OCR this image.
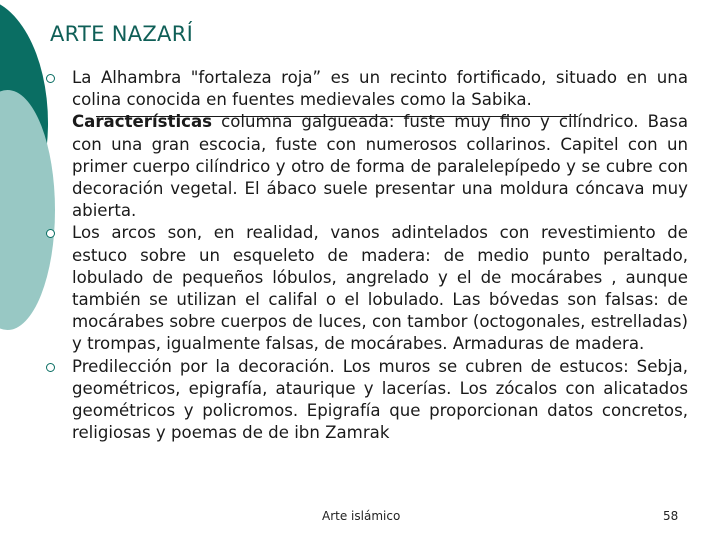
ARTE NAZARÍ
La Alhambra "fortaleza roja” es un recinto fortificado, situado en una colina conocida en fuentes medievales como la Sabika.
Características columna galgueada: fuste muy fino y cilíndrico. Basa con una gran escocia, fuste con numerosos collarinos. Capitel con un primer cuerpo cilíndrico y otro de forma de paralelepípedo y se cubre con decoración vegetal. El ábaco suele presentar una moldura cóncava muy abierta.
Los arcos son, en realidad, vanos adintelados con revestimiento de estuco sobre un esqueleto de madera: de medio punto peraltado, lobulado de pequeños lóbulos, angrelado y el de mocárabes , aunque también se utilizan el califal o el lobulado. Las bóvedas son falsas: de mocárabes sobre cuerpos de luces, con tambor (octogonales, estrelladas) y trompas, igualmente falsas, de mocárabes. Armaduras de madera.
Predilección por la decoración. Los muros se cubren de estucos: Sebja, geométricos, epigrafía, ataurique y lacerías. Los zócalos con alicatados geométricos y policromos. Epigrafía que proporcionan datos concretos, religiosas y poemas de de ibn Zamrak
Arte islámico	58
